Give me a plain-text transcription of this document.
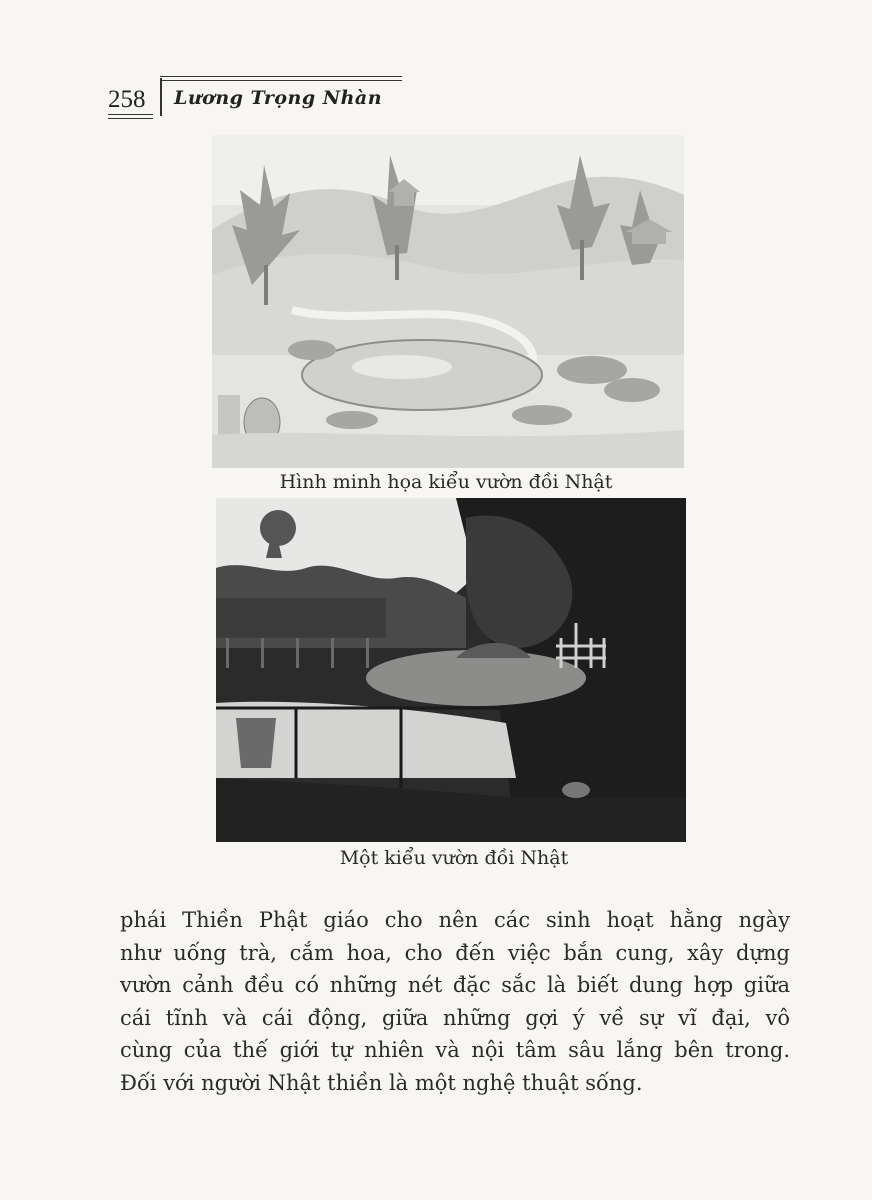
258 Lương Trọng Nhàn
Hình minh họa kiểu vườn đồi Nhật
Một kiểu vườn đồi Nhật
phái Thiền Phật giáo cho nên các sinh hoạt hằng ngày
như uống trà, cắm hoa, cho đến việc bắn cung, xây dựng
vườn cảnh đều có những nét đặc sắc là biết dung hợp giữa
cái tĩnh và cái động, giữa những gợi ý về sự vĩ đại, vô
cùng của thế giới tự nhiên và nội tâm sâu lắng bên trong.
Đối với người Nhật thiền là một nghệ thuật sống.
